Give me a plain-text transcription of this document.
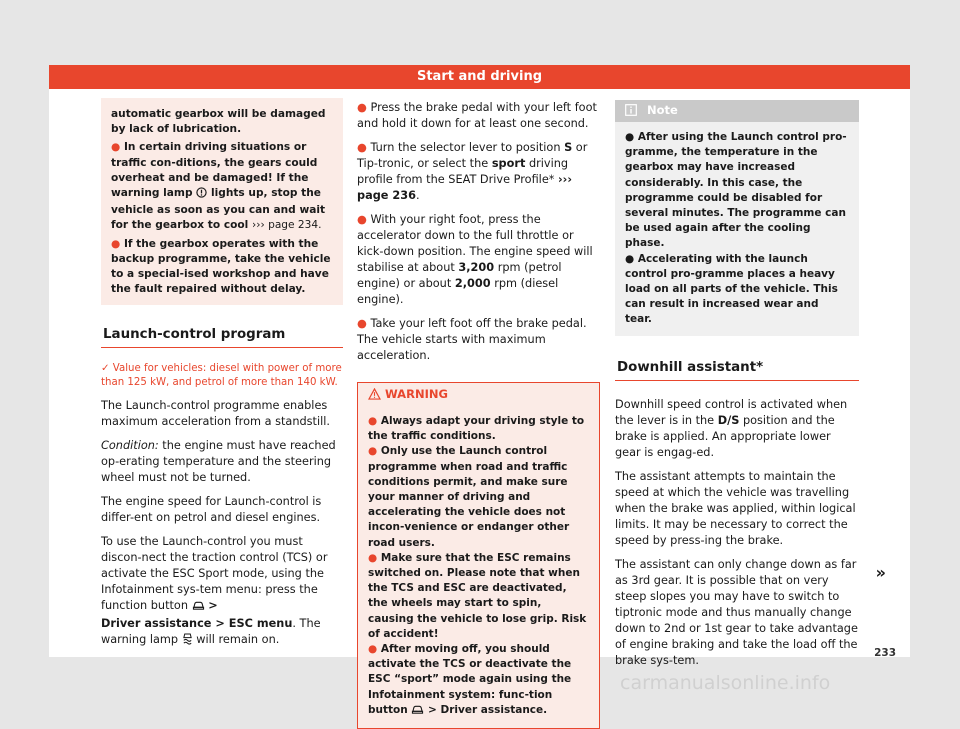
Start and driving

automatic gearbox will be damaged by lack of lubrication.

● In certain driving situations or traffic con-ditions, the gears could overheat and be damaged! If the warning lamp lights up, stop the vehicle as soon as you can and wait for the gearbox to cool ››› page 234.

● If the gearbox operates with the backup programme, take the vehicle to a special-ised workshop and have the fault repaired without delay.

Launch-control program
✓ Value for vehicles: diesel with power of more than 125 kW, and petrol of more than 140 kW.

The Launch-control programme enables maximum acceleration from a standstill.

Condition: the engine must have reached op-erating temperature and the steering wheel must not be turned.

The engine speed for Launch-control is differ-ent on petrol and diesel engines.

To use the Launch-control you must discon-nect the traction control (TCS) or activate the ESC Sport mode, using the Infotainment sys-tem menu: press the function button >
Driver assistance > ESC menu. The warning lamp will remain on.

● Press the brake pedal with your left foot and hold it down for at least one second.

● Turn the selector lever to position S or Tip-tronic, or select the sport driving profile from the SEAT Drive Profile* ››› page 236.

● With your right foot, press the accelerator down to the full throttle or kick-down position. The engine speed will stabilise at about 3,200 rpm (petrol engine) or about 2,000 rpm (diesel engine).

● Take your left foot off the brake pedal. The vehicle starts with maximum acceleration.

WARNING

● Always adapt your driving style to the traffic conditions.

● Only use the Launch control programme when road and traffic conditions permit, and make sure your manner of driving and accelerating the vehicle does not incon-venience or endanger other road users.

● Make sure that the ESC remains switched on. Please note that when the TCS and ESC are deactivated, the wheels may start to spin, causing the vehicle to lose grip. Risk of accident!

● After moving off, you should activate the TCS or deactivate the ESC “sport” mode again using the Infotainment system: func-tion button > Driver assistance.

Note

● After using the Launch control pro-gramme, the temperature in the gearbox may have increased considerably. In this case, the programme could be disabled for several minutes. The programme can be used again after the cooling phase.

● Accelerating with the launch control pro-gramme places a heavy load on all parts of the vehicle. This can result in increased wear and tear.

Downhill assistant*

Downhill speed control is activated when the lever is in the D/S position and the brake is applied. An appropriate lower gear is engag-ed.

The assistant attempts to maintain the speed at which the vehicle was travelling when the brake was applied, within logical limits. It may be necessary to correct the speed by press-ing the brake.

The assistant can only change down as far as 3rd gear. It is possible that on very steep slopes you may have to switch to tiptronic mode and thus manually change down to 2nd or 1st gear to take advantage of engine braking and take the load off the brake sys-tem.

»
233
carmanualsonline.info
